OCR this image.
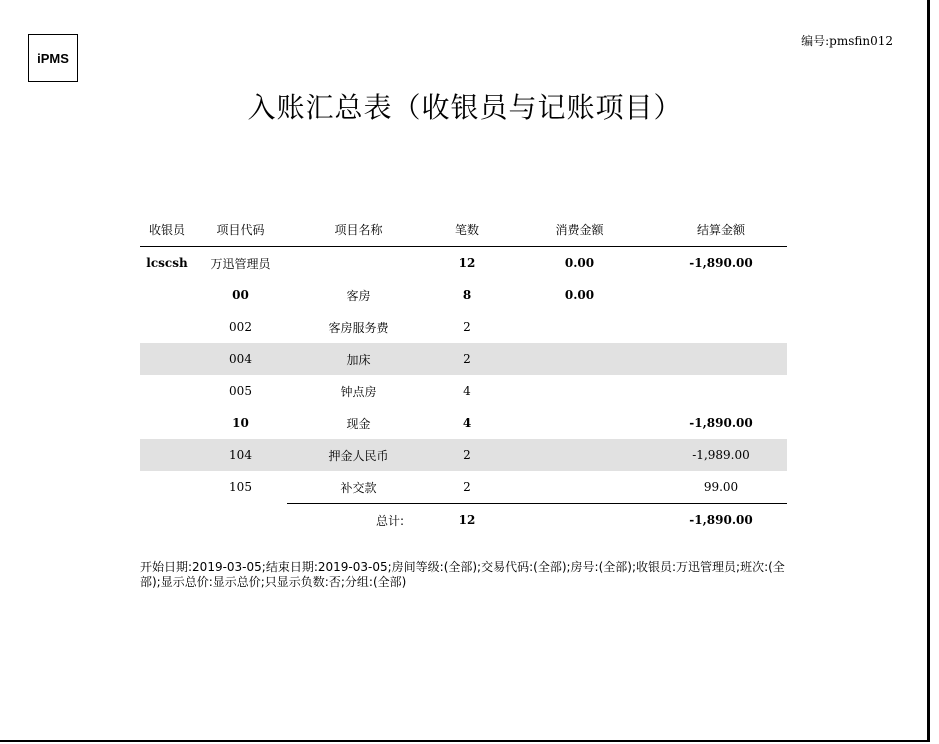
iPMS
编号:pmsfin012
入账汇总表（收银员与记账项目）
收银员	项目代码	项目名称	笔数	消费金额	结算金额
lcscsh	万迅管理员		12	0.00	-1,890.00
	00	客房	8	0.00	
	002	客房服务费	2		
	004	加床	2		
	005	钟点房	4		
	10	现金	4		-1,890.00
	104	押金人民币	2		-1,989.00
	105	补交款	2		99.00
		总计:	12		-1,890.00
开始日期:2019-03-05;结束日期:2019-03-05;房间等级:(全部);交易代码:(全部);房号:(全部);收银员:万迅管理员;班次:(全部);显示总价:显示总价;只显示负数:否;分组:(全部)
